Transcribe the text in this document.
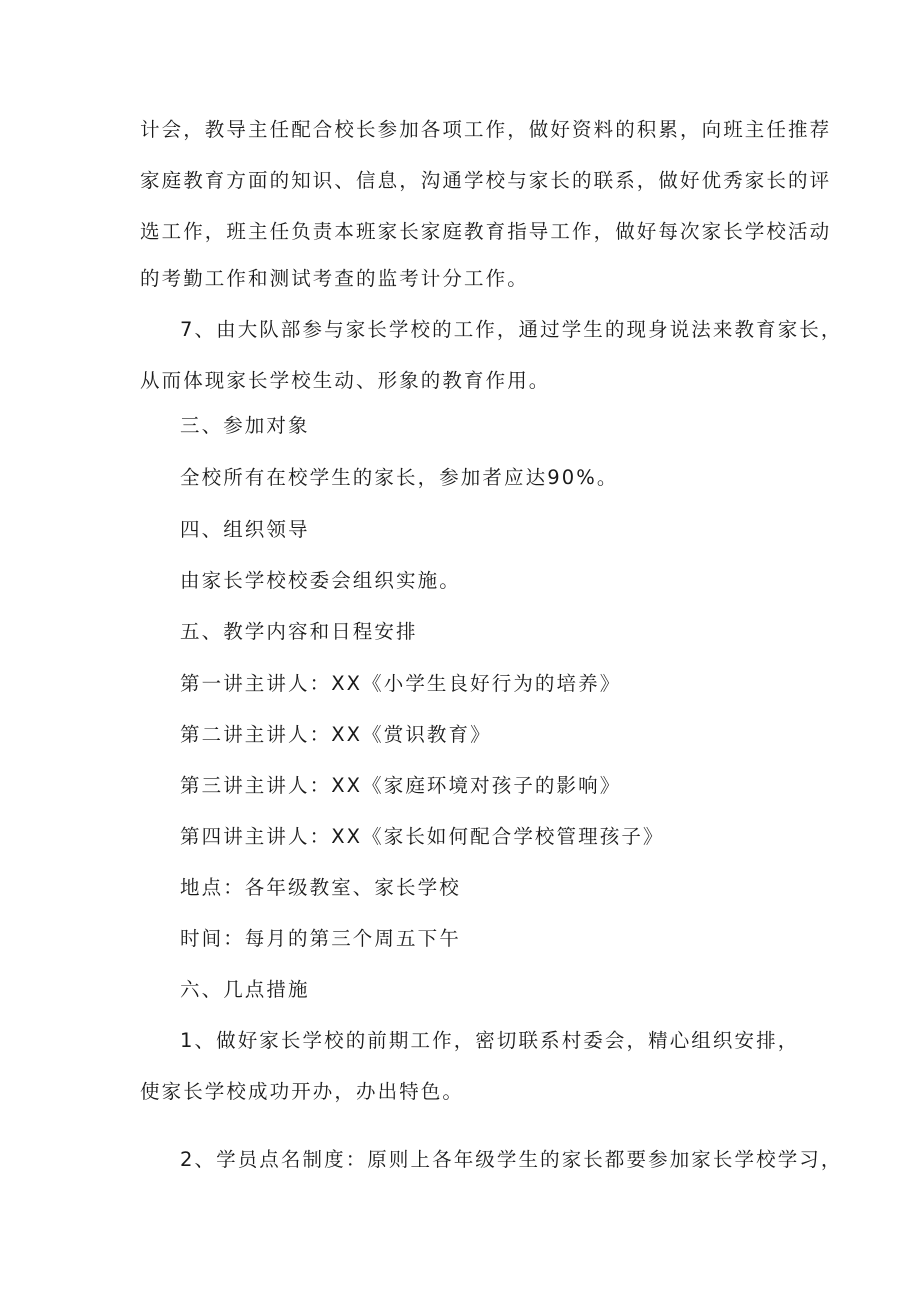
计会，教导主任配合校长参加各项工作，做好资料的积累，向班主任推荐

家庭教育方面的知识、信息，沟通学校与家长的联系，做好优秀家长的评

选工作，班主任负责本班家长家庭教育指导工作，做好每次家长学校活动

的考勤工作和测试考查的监考计分工作。

7、由大队部参与家长学校的工作，通过学生的现身说法来教育家长，

从而体现家长学校生动、形象的教育作用。

三、参加对象

全校所有在校学生的家长，参加者应达90%。

四、组织领导

由家长学校校委会组织实施。

五、教学内容和日程安排

第一讲主讲人：XX《小学生良好行为的培养》

第二讲主讲人：XX《赏识教育》

第三讲主讲人：XX《家庭环境对孩子的影响》

第四讲主讲人：XX《家长如何配合学校管理孩子》

地点：各年级教室、家长学校

时间：每月的第三个周五下午

六、几点措施

1、做好家长学校的前期工作，密切联系村委会，精心组织安排，

使家长学校成功开办，办出特色。

2、学员点名制度：原则上各年级学生的家长都要参加家长学校学习，
